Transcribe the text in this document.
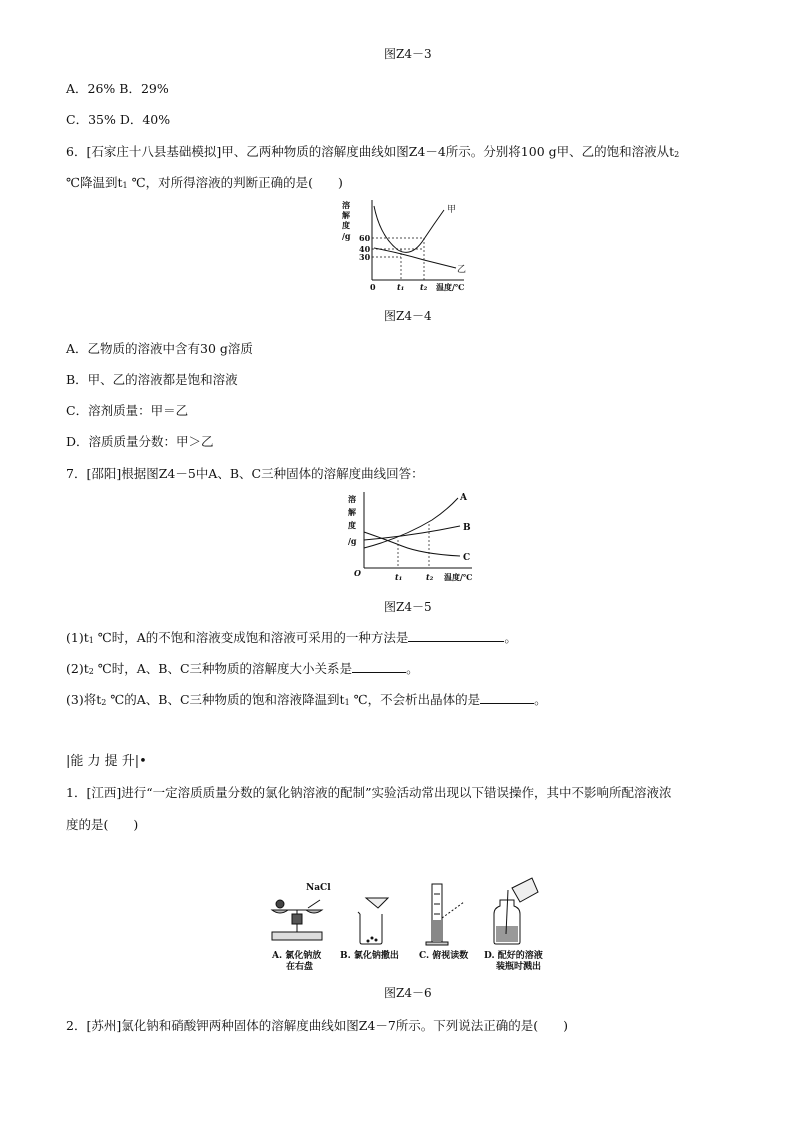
图Z4－3
A．26% B．29%
C．35% D．40%
6．[石家庄十八县基础模拟]甲、乙两种物质的溶解度曲线如图Z4－4所示。分别将100 g甲、乙的饱和溶液从$t_2$
℃降温到$t_1$ ℃，对所得溶液的判断正确的是(　　)
溶
解
度
/g 60
40
30
0	t₁ t₂ 温度/℃
甲
乙
图Z4－4
A．乙物质的溶液中含有30 g溶质
B．甲、乙的溶液都是饱和溶液
C．溶剂质量：甲＝乙
D．溶质质量分数：甲＞乙
7．[邵阳]根据图Z4－5中A、B、C三种固体的溶解度曲线回答：
溶
解
度
/g
O	t₁	t₂ 温度/℃
A
B
C
图Z4－5
$(1)t_1$ ℃时，A的不饱和溶液变成饱和溶液可采用的一种方法是	。
$(2)t_2$ ℃时，A、B、C三种物质的溶解度大小关系是	。
(3)将$t_2$ ℃的A、B、C三种物质的饱和溶液降温到$t_1$ ℃，不会析出晶体的是	。
|能 力 提 升|•
1．[江西]进行“一定溶质质量分数的氯化钠溶液的配制”实验活动常出现以下错误操作，其中不影响所配溶液浓
度的是(　　)
NaCl
A. 氯化钠放
在右盘
B. 氯化钠撒出 C. 俯视读数 D. 配好的溶液
装瓶时溅出
图Z4－6
2．[苏州]氯化钠和硝酸钾两种固体的溶解度曲线如图Z4－7所示。下列说法正确的是(　　)
